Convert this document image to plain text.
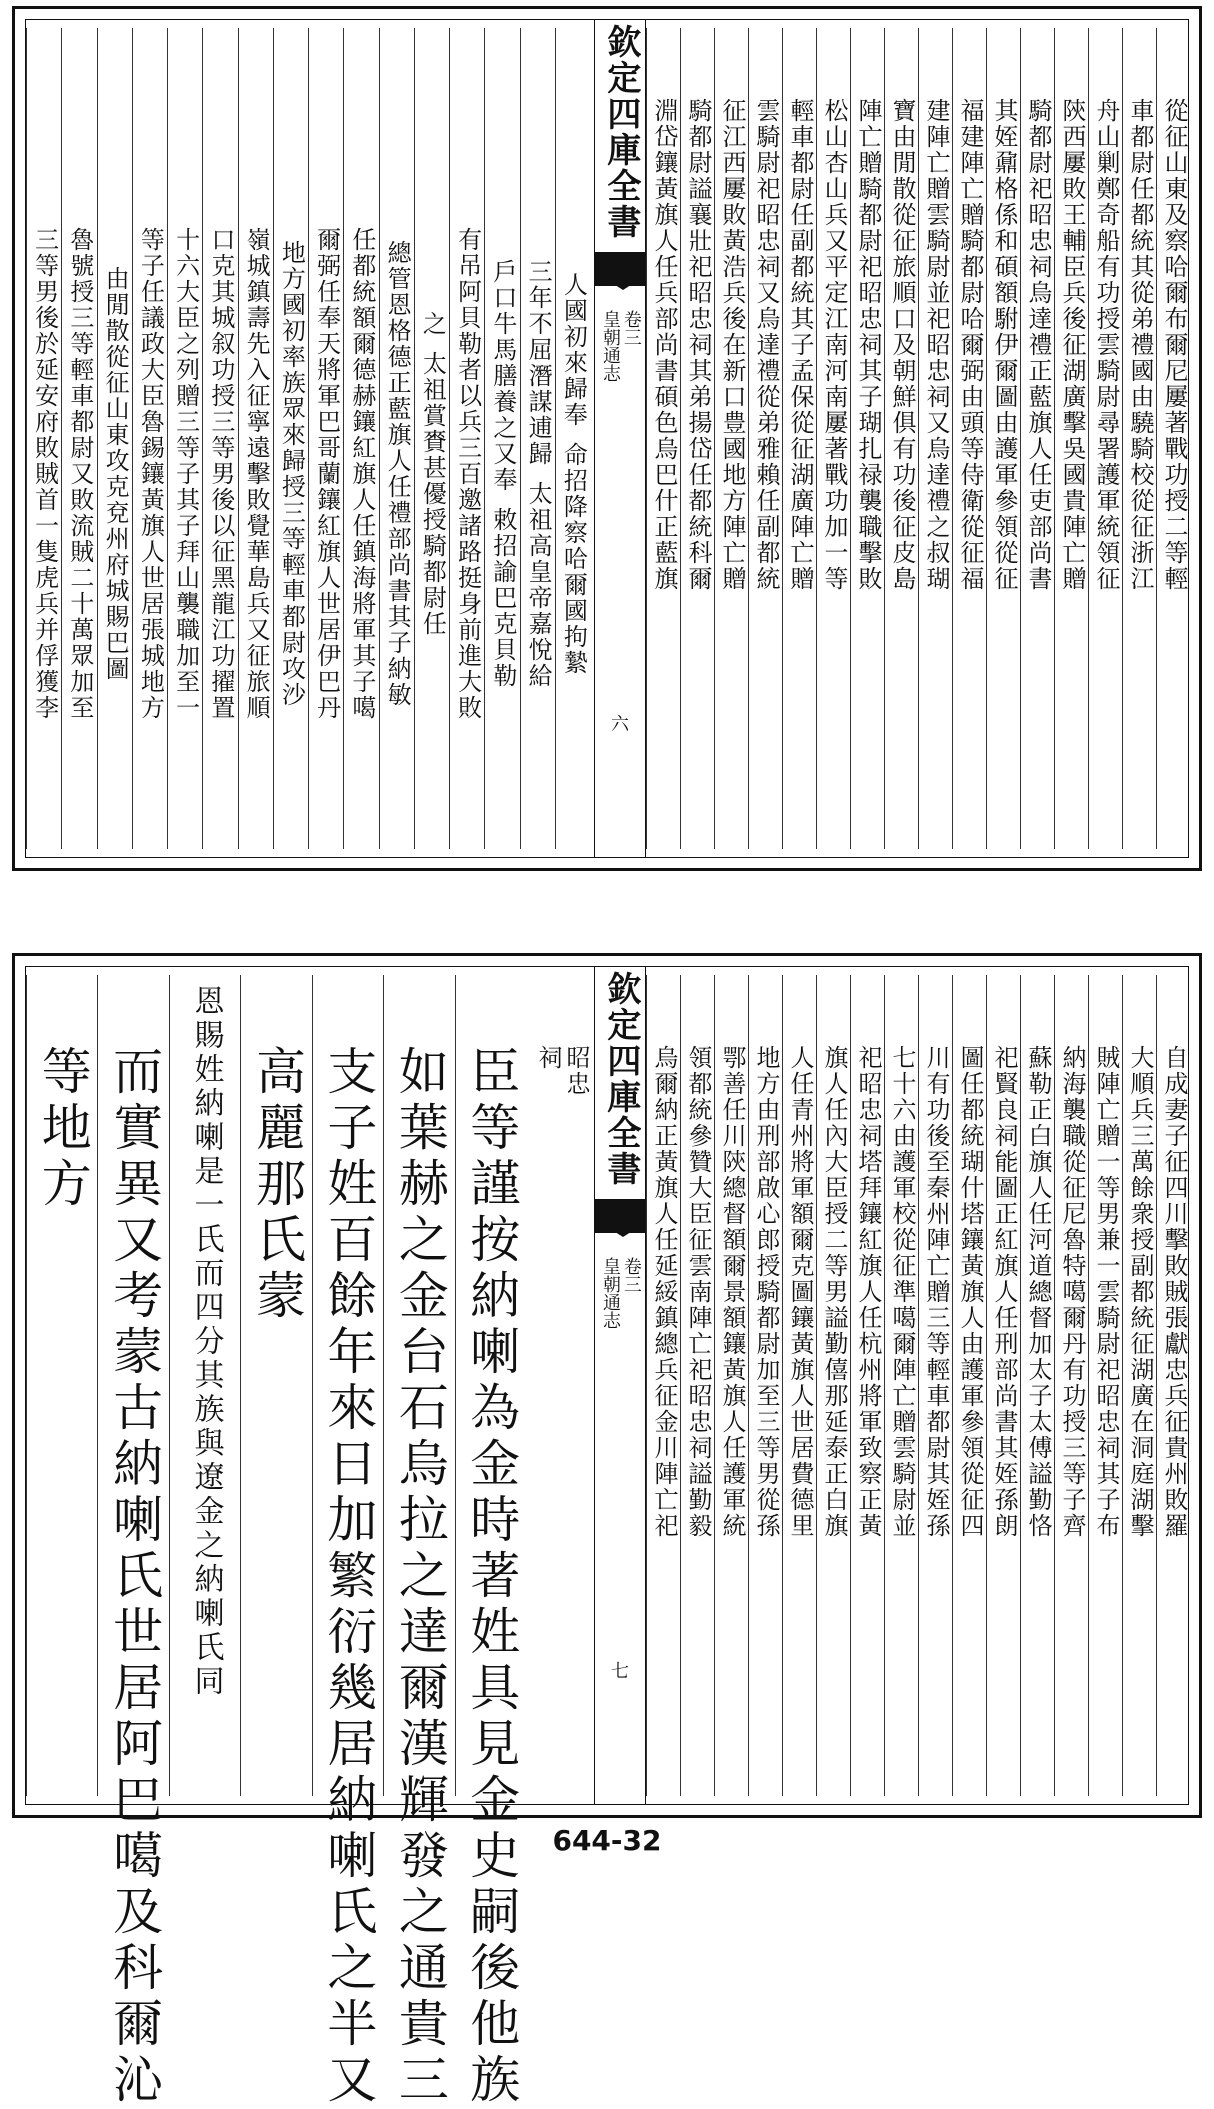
欽定四庫全書
皇朝通志 卷三
六
從征山東及察哈爾布爾尼屢著戰功授二等輕
車都尉任都統其從弟禮國由驍騎校從征浙江
舟山剿鄭奇船有功授雲騎尉尋署護軍統領征
陝西屢敗王輔臣兵後征湖廣擊吳國貴陣亡贈
騎都尉祀昭忠祠烏達禮正藍旗人任吏部尚書
其姪鼐格係和碩額駙伊爾圖由護軍參領從征
福建陣亡贈騎都尉哈爾弼由頭等侍衛從征福
建陣亡贈雲騎尉並祀昭忠祠又烏達禮之叔瑚
寶由閒散從征旅順口及朝鮮俱有功後征皮島
陣亡贈騎都尉祀昭忠祠其子瑚扎禄襲職擊敗
松山杏山兵又平定江南河南屢著戰功加一等
輕車都尉任副都統其子孟保從征湖廣陣亡贈
雲騎尉祀昭忠祠又烏達禮從弟雅賴任副都統
征江西屢敗黃浩兵後在新口豊國地方陣亡贈
騎都尉謚襄壯祀昭忠祠其弟揚岱任都統科爾
淵岱鑲黃旗人任兵部尚書碩色烏巴什正藍旗
人國初來歸奉
命招降察哈爾國拘縶
三年不屈潛謀逋歸
太祖高皇帝嘉悅給
戶口牛馬膳養之又奉
敕招諭巴克貝勒
有吊阿貝勒者以兵三百邀諸路挺身前進大敗
之
太祖賞賚甚優授騎都尉任
總管恩格德正藍旗人任禮部尚書其子納敏
任都統額爾德赫鑲紅旗人任鎮海將軍其子噶
爾弼任奉天將軍巴哥蘭鑲紅旗人世居伊巴丹
地方國初率族眾來歸授三等輕車都尉攻沙
嶺城鎮壽先入征寧遠擊敗覺華島兵又征旅順
口克其城叙功授三等男後以征黑龍江功擢置
十六大臣之列贈三等子其子拜山襲職加至一
等子任議政大臣魯錫鑲黃旗人世居張城地方
由閒散從征山東攻克兗州府城賜巴圖
魯號授三等輕車都尉又敗流賊二十萬眾加至
三等男後於延安府敗賊首一隻虎兵并俘獲李
欽定四庫全書
皇朝通志 卷三
七
自成妻子征四川擊敗賊張獻忠兵征貴州敗羅
大順兵三萬餘衆授副都統征湖廣在洞庭湖擊
賊陣亡贈一等男兼一雲騎尉祀昭忠祠其子布
納海襲職從征尼魯特噶爾丹有功授三等子齊
蘇勒正白旗人任河道總督加太子太傅謚勤恪
祀賢良祠能圖正紅旗人任刑部尚書其姪孫朗
圖任都統瑚什塔鑲黃旗人由護軍參領從征四
川有功後至秦州陣亡贈三等輕車都尉其姪孫
七十六由護軍校從征準噶爾陣亡贈雲騎尉並
祀昭忠祠塔拜鑲紅旗人任杭州將軍致察正黃
旗人任內大臣授二等男謚勤僖那延泰正白旗
人任青州將軍額爾克圖鑲黃旗人世居費德里
地方由刑部啟心郎授騎都尉加至三等男從孫
鄂善任川陝總督額爾景額鑲黃旗人任護軍統
領都統參贊大臣征雲南陣亡祀昭忠祠謚勤毅
烏爾納正黃旗人任延綏鎮總兵征金川陣亡祀
昭忠
祠
臣等謹按納喇為金時著姓具見金史嗣後他族
如葉赫之金台石烏拉之達爾漢輝發之通貴三
支子姓百餘年來日加繁衍幾居納喇氏之半又
高麗那氏蒙
恩賜姓納喇是一氏而四分其族與遼金之納喇氏同
而實異又考蒙古納喇氏世居阿巴噶及科爾沁
等地方
644-32
